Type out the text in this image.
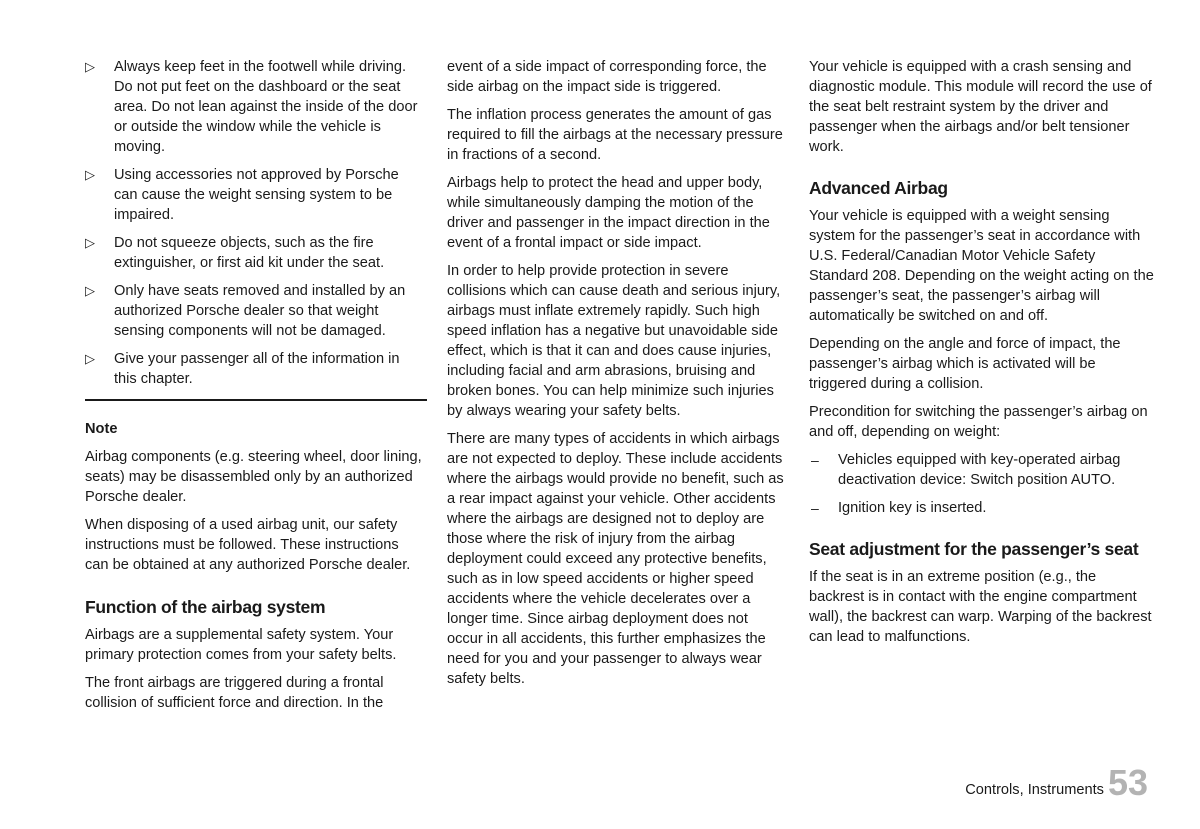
▷ Always keep feet in the footwell while driving. Do not put feet on the dashboard or the seat area. Do not lean against the inside of the door or outside the window while the vehicle is moving.
▷ Using accessories not approved by Porsche can cause the weight sensing system to be impaired.
▷ Do not squeeze objects, such as the fire extinguisher, or first aid kit under the seat.
▷ Only have seats removed and installed by an authorized Porsche dealer so that weight sensing components will not be damaged.
▷ Give your passenger all of the information in this chapter.
Note

Airbag components (e.g. steering wheel, door lining, seats) may be disassembled only by an authorized Porsche dealer.

When disposing of a used airbag unit, our safety instructions must be followed. These instructions can be obtained at any authorized Porsche dealer.

Function of the airbag system

Airbags are a supplemental safety system. Your primary protection comes from your safety belts.

The front airbags are triggered during a frontal collision of sufficient force and direction. In the

event of a side impact of corresponding force, the side airbag on the impact side is triggered.

The inflation process generates the amount of gas required to fill the airbags at the necessary pressure in fractions of a second.

Airbags help to protect the head and upper body, while simultaneously damping the motion of the driver and passenger in the impact direction in the event of a frontal impact or side impact.

In order to help provide protection in severe collisions which can cause death and serious injury, airbags must inflate extremely rapidly. Such high speed inflation has a negative but unavoidable side effect, which is that it can and does cause injuries, including facial and arm abrasions, bruising and broken bones. You can help minimize such injuries by always wearing your safety belts.

There are many types of accidents in which airbags are not expected to deploy. These include accidents where the airbags would provide no benefit, such as a rear impact against your vehicle. Other accidents where the airbags are designed not to deploy are those where the risk of injury from the airbag deployment could exceed any protective benefits, such as in low speed accidents or higher speed accidents where the vehicle decelerates over a longer time. Since airbag deployment does not occur in all accidents, this further emphasizes the need for you and your passenger to always wear safety belts.

Your vehicle is equipped with a crash sensing and diagnostic module. This module will record the use of the seat belt restraint system by the driver and passenger when the airbags and/or belt tensioner work.

Advanced Airbag

Your vehicle is equipped with a weight sensing system for the passenger’s seat in accordance with U.S. Federal/Canadian Motor Vehicle Safety Standard 208. Depending on the weight acting on the passenger’s seat, the passenger’s airbag will automatically be switched on and off.

Depending on the angle and force of impact, the passenger’s airbag which is activated will be triggered during a collision.

Precondition for switching the passenger’s airbag on and off, depending on weight:

– Vehicles equipped with key-operated airbag deactivation device: Switch position AUTO.
– Ignition key is inserted.
Seat adjustment for the passenger’s seat

If the seat is in an extreme position (e.g., the backrest is in contact with the engine compartment wall), the backrest can warp. Warping of the backrest can lead to malfunctions.

Controls, Instruments 53
